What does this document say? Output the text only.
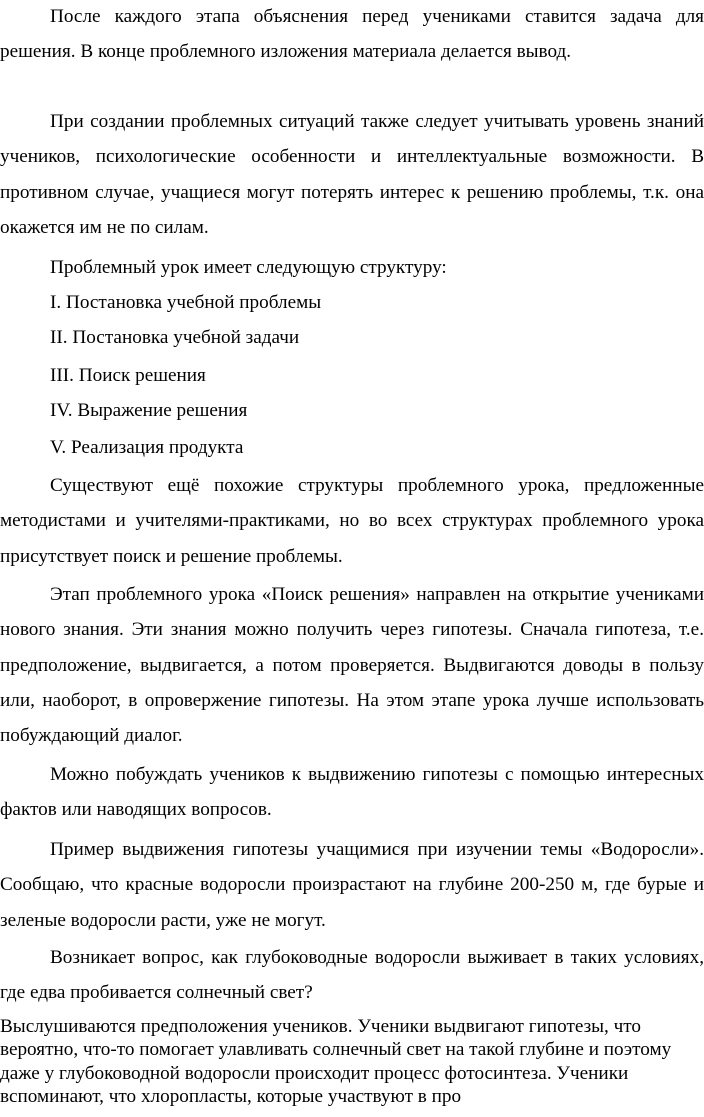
После каждого этапа объяснения перед учениками ставится задача для решения. В конце проблемного изложения материала делается вывод.

При создании проблемных ситуаций также следует учитывать уровень знаний учеников, психологические особенности и интеллектуальные возможности. В противном случае, учащиеся могут потерять интерес к решению проблемы, т.к. она окажется им не по силам.

Проблемный урок имеет следующую структуру:

I. Постановка учебной проблемы

II. Постановка учебной задачи

III. Поиск решения

IV. Выражение решения

V. Реализация продукта

Существуют ещё похожие структуры проблемного урока, предложенные методистами и учителями-практиками, но во всех структурах проблемного урока присутствует поиск и решение проблемы.

Этап проблемного урока «Поиск решения» направлен на открытие учениками нового знания. Эти знания можно получить через гипотезы. Сначала гипотеза, т.е. предположение, выдвигается, а потом проверяется. Выдвигаются доводы в пользу или, наоборот, в опровержение гипотезы. На этом этапе урока лучше использовать побуждающий диалог.

Можно побуждать учеников к выдвижению гипотезы с помощью интересных фактов или наводящих вопросов.

Пример выдвижения гипотезы учащимися при изучении темы «Водоросли». Сообщаю, что красные водоросли произрастают на глубине 200-250 м, где бурые и зеленые водоросли расти, уже не могут.

Возникает вопрос, как глубоководные водоросли выживает в таких условиях, где едва пробивается солнечный свет?

Выслушиваются предположения учеников. Ученики выдвигают гипотезы, что вероятно, что-то помогает улавливать солнечный свет на такой глубине и поэтому даже у глубоководной водоросли происходит процесс фотосинтеза. Ученики вспоминают, что хлоропласты, которые участвуют в про
